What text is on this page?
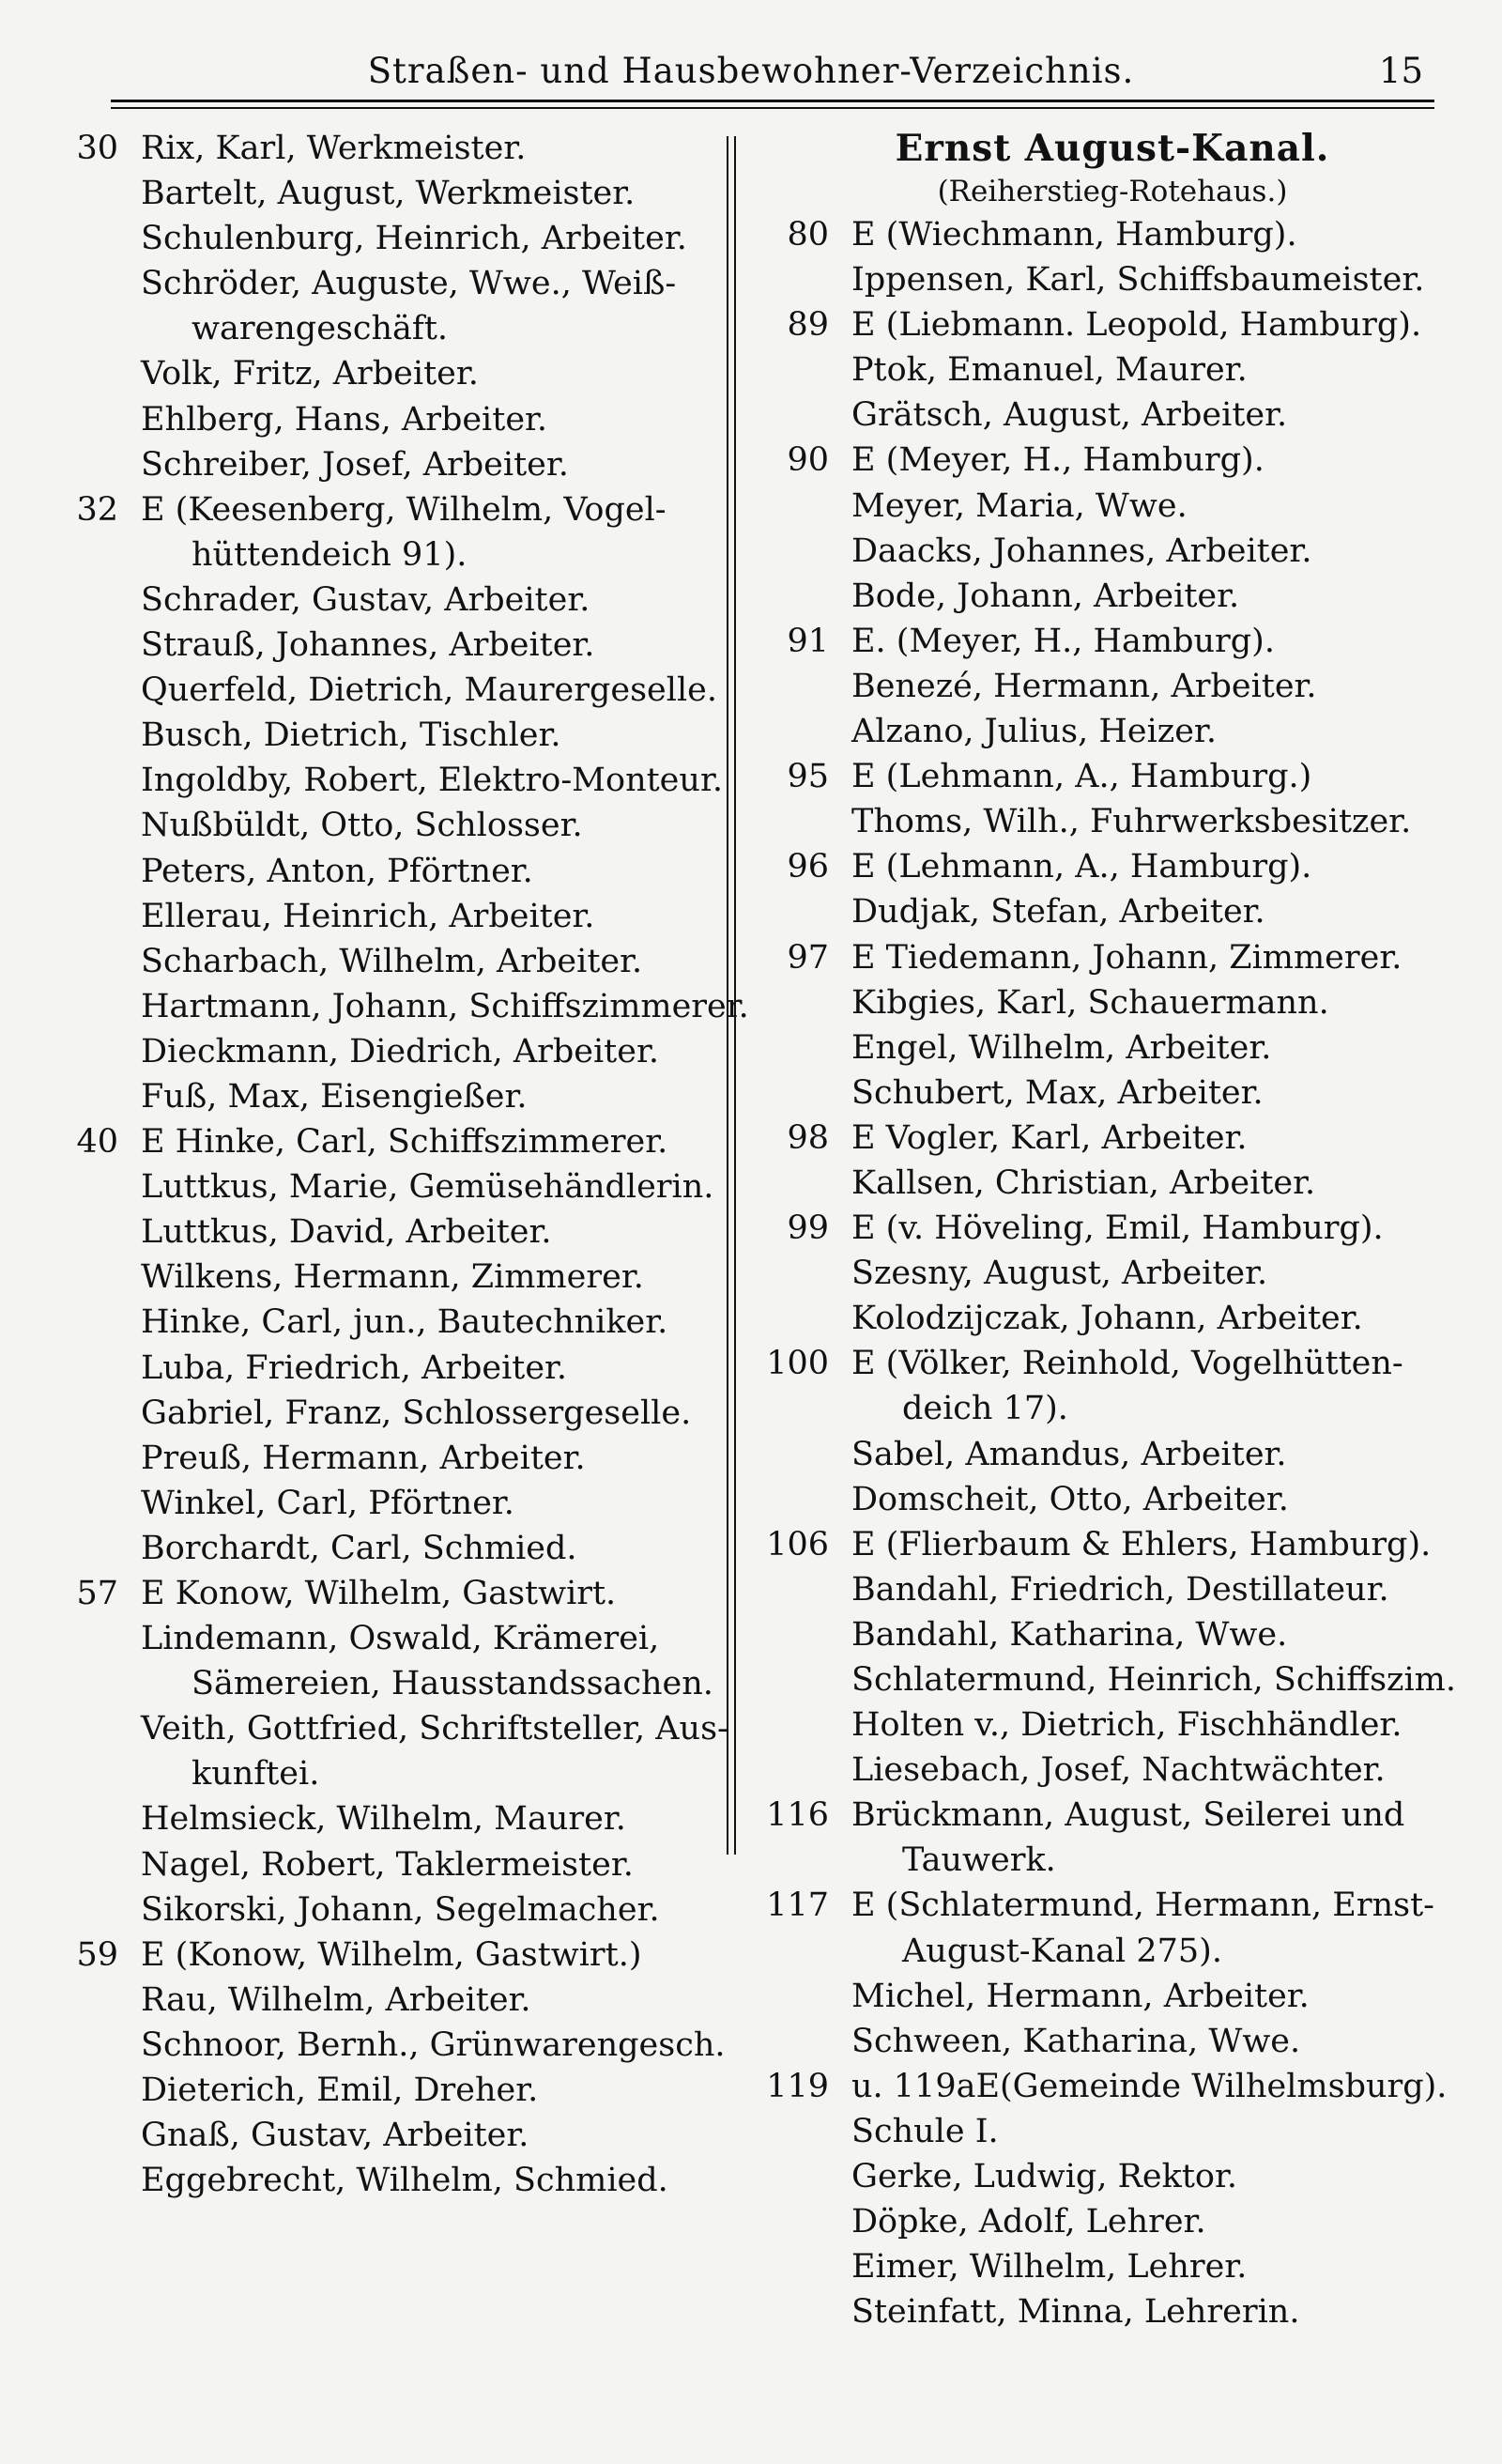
Straßen- und Hausbewohner-Verzeichnis.	15
30 Rix, Karl, Werkmeister.
Bartelt, August, Werkmeister.
Schulenburg, Heinrich, Arbeiter.
Schröder, Auguste, Wwe., Weiß-
warengeschäft.
Volk, Fritz, Arbeiter.
Ehlberg, Hans, Arbeiter.
Schreiber, Josef, Arbeiter.
32 E (Keesenberg, Wilhelm, Vogel-
hüttendeich 91).
Schrader, Gustav, Arbeiter.
Strauß, Johannes, Arbeiter.
Querfeld, Dietrich, Maurergeselle.
Busch, Dietrich, Tischler.
Ingoldby, Robert, Elektro-Monteur.
Nußbüldt, Otto, Schlosser.
Peters, Anton, Pförtner.
Ellerau, Heinrich, Arbeiter.
Scharbach, Wilhelm, Arbeiter.
Hartmann, Johann, Schiffszimmerer.
Dieckmann, Diedrich, Arbeiter.
Fuß, Max, Eisengießer.
40 E Hinke, Carl, Schiffszimmerer.
Luttkus, Marie, Gemüsehändlerin.
Luttkus, David, Arbeiter.
Wilkens, Hermann, Zimmerer.
Hinke, Carl, jun., Bautechniker.
Luba, Friedrich, Arbeiter.
Gabriel, Franz, Schlossergeselle.
Preuß, Hermann, Arbeiter.
Winkel, Carl, Pförtner.
Borchardt, Carl, Schmied.
57 E Konow, Wilhelm, Gastwirt.
Lindemann, Oswald, Krämerei,
Sämereien, Hausstandssachen.
Veith, Gottfried, Schriftsteller, Aus-
kunftei.
Helmsieck, Wilhelm, Maurer.
Nagel, Robert, Taklermeister.
Sikorski, Johann, Segelmacher.
59 E (Konow, Wilhelm, Gastwirt.)
Rau, Wilhelm, Arbeiter.
Schnoor, Bernh., Grünwarengesch.
Dieterich, Emil, Dreher.
Gnaß, Gustav, Arbeiter.
Eggebrecht, Wilhelm, Schmied.
Ernst August-Kanal.
(Reiherstieg-Rotehaus.)
80 E (Wiechmann, Hamburg).
Ippensen, Karl, Schiffsbaumeister.
89 E (Liebmann. Leopold, Hamburg).
Ptok, Emanuel, Maurer.
Grätsch, August, Arbeiter.
90 E (Meyer, H., Hamburg).
Meyer, Maria, Wwe.
Daacks, Johannes, Arbeiter.
Bode, Johann, Arbeiter.
91 E. (Meyer, H., Hamburg).
Benezé, Hermann, Arbeiter.
Alzano, Julius, Heizer.
95 E (Lehmann, A., Hamburg.)
Thoms, Wilh., Fuhrwerksbesitzer.
96 E (Lehmann, A., Hamburg).
Dudjak, Stefan, Arbeiter.
97 E Tiedemann, Johann, Zimmerer.
Kibgies, Karl, Schauermann.
Engel, Wilhelm, Arbeiter.
Schubert, Max, Arbeiter.
98 E Vogler, Karl, Arbeiter.
Kallsen, Christian, Arbeiter.
99 E (v. Höveling, Emil, Hamburg).
Szesny, August, Arbeiter.
Kolodzijczak, Johann, Arbeiter.
100 E (Völker, Reinhold, Vogelhütten-
deich 17).
Sabel, Amandus, Arbeiter.
Domscheit, Otto, Arbeiter.
106 E (Flierbaum & Ehlers, Hamburg).
Bandahl, Friedrich, Destillateur.
Bandahl, Katharina, Wwe.
Schlatermund, Heinrich, Schiffszim.
Holten v., Dietrich, Fischhändler.
Liesebach, Josef, Nachtwächter.
116 Brückmann, August, Seilerei und
Tauwerk.
117 E (Schlatermund, Hermann, Ernst-
August-Kanal 275).
Michel, Hermann, Arbeiter.
Schween, Katharina, Wwe.
119 u. 119aE(Gemeinde Wilhelmsburg).
Schule I.
Gerke, Ludwig, Rektor.
Döpke, Adolf, Lehrer.
Eimer, Wilhelm, Lehrer.
Steinfatt, Minna, Lehrerin.
